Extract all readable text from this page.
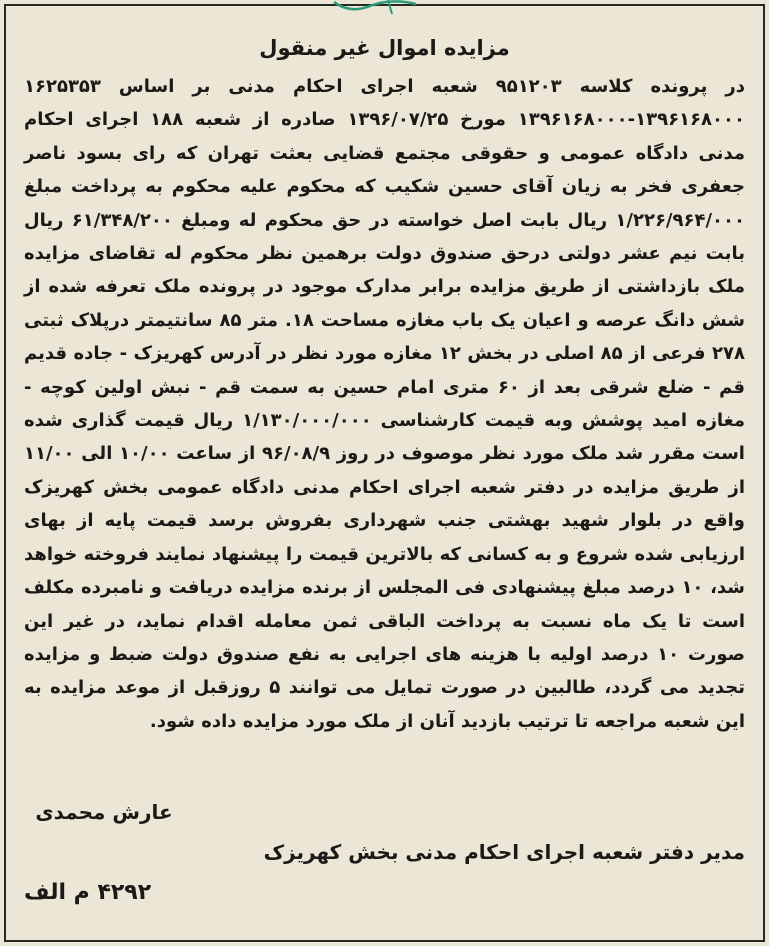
مزایده اموال غیر منقول

در پرونده کلاسه ۹۵۱۲۰۳ شعبه اجرای احکام مدنی بر اساس ۱۶۲۵۳۵۳ ۱۳۹۶۱۶۸۰۰۰-۱۳۹۶۱۶۸۰۰۰ مورخ ۱۳۹۶/۰۷/۲۵ صادره از شعبه ۱۸۸ اجرای احکام مدنی دادگاه عمومی و حقوقی مجتمع قضایی بعثت تهران که رای بسود ناصر جعفری فخر به زیان آقای حسین شکیب که محکوم علیه محکوم به پرداخت مبلغ ۱/۲۲۶/۹۶۴/۰۰۰ ریال بابت اصل خواسته در حق محکوم له ومبلغ ۶۱/۳۴۸/۲۰۰ ریال بابت نیم عشر دولتی درحق صندوق دولت برهمین نظر محکوم له تقاضای مزایده ملک بازداشتی از طریق مزایده برابر مدارک موجود در پرونده ملک تعرفه شده از شش دانگ عرصه و اعیان یک باب مغازه مساحت ۱۸. متر ۸۵ سانتیمتر درپلاک ثبتی ۲۷۸ فرعی از ۸۵ اصلی در بخش ۱۲ مغازه مورد نظر در آدرس کهریزک - جاده قدیم قم - ضلع شرقی بعد از ۶۰ متری امام حسین به سمت قم - نبش اولین کوچه - مغازه امید پوشش وبه قیمت کارشناسی ۱/۱۳۰/۰۰۰/۰۰۰ ریال قیمت گذاری شده است مقرر شد ملک مورد نظر موصوف در روز ۹۶/۰۸/۹ از ساعت ۱۰/۰۰ الی ۱۱/۰۰ از طریق مزایده در دفتر شعبه اجرای احکام مدنی دادگاه عمومی بخش کهریزک واقع در بلوار شهید بهشتی جنب شهرداری بفروش برسد قیمت پایه از بهای ارزیابی شده شروع و به کسانی که بالاترین قیمت را پیشنهاد نمایند فروخته خواهد شد، ۱۰ درصد مبلغ پیشنهادی فی المجلس از برنده مزایده دریافت و نامبرده مکلف است تا یک ماه نسبت به پرداخت الباقی ثمن معامله اقدام نماید، در غیر این صورت ۱۰ درصد اولیه با هزینه های اجرایی به نفع صندوق دولت ضبط و مزایده تجدید می گردد، طالبین در صورت تمایل می توانند ۵ روزقبل از موعد مزایده به این شعبه مراجعه تا ترتیب بازدید آنان از ملک مورد مزایده داده شود.

عارش محمدی
مدیر دفتر شعبه اجرای احکام مدنی بخش کهریزک
۴۲۹۲ م الف
